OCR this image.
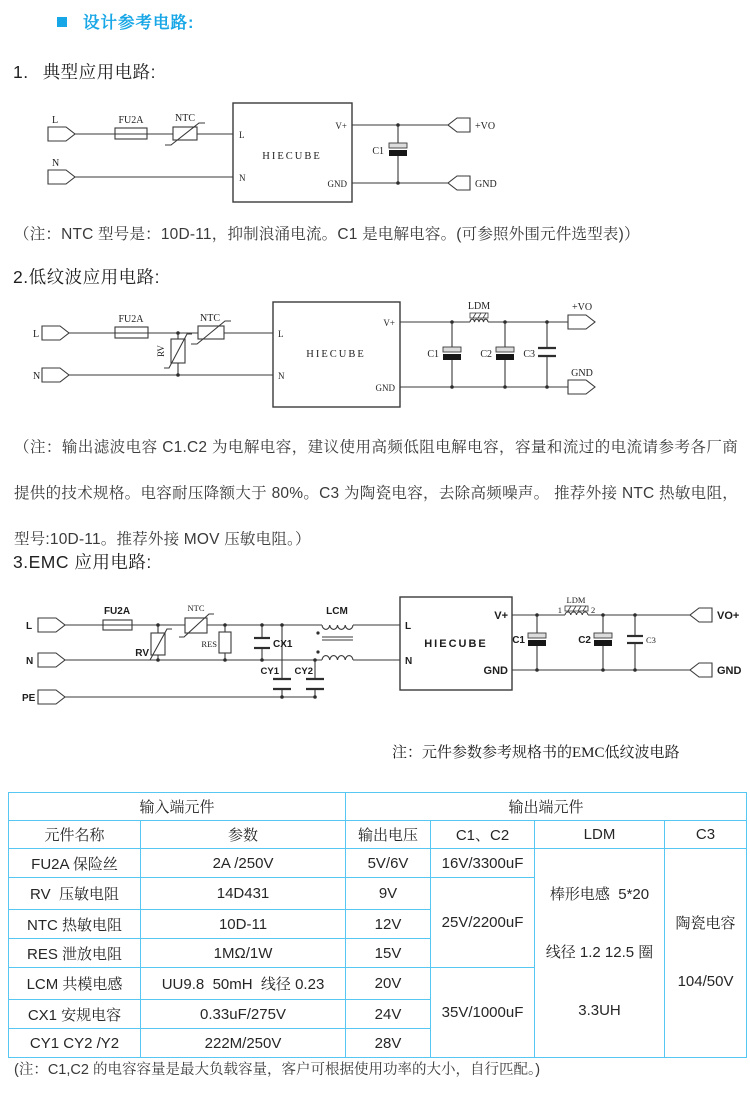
设计参考电路:
1. 典型应用电路:
L
N
FU2A	NTC
HIECUBE
L
N
V+
GND
C1
+VO
GND
（注：NTC 型号是：10D-11，抑制浪涌电流。C1 是电解电容。(可参照外围元件选型表)）
2.低纹波应用电路:
L
N
FU2A	NTC
RV	HIECUBE
L
N
V+
GND
LDM
C1	C2	C3
+VO
GND
（注：输出滤波电容 C1.C2 为电解电容，建议使用高频低阻电解电容，容量和流过的电流请参考各厂商提供的技术规格。电容耐压降额大于 80%。C3 为陶瓷电容，去除高频噪声。 推荐外接 NTC 热敏电阻，型号:10D-11。推荐外接 MOV 压敏电阻。）
3.EMC 应用电路:
L
N
PE
FU2A
RV
NTC
RES	CX1
CY1 CY2
LCM
HIECUBE
L
N
V+
GND
LDM
1	2
C1	C2	C3
VO+
GND
注：元件参数参考规格书的EMC低纹波电路
输入端元件		输出端元件			
元件名称	参数	输出电压	C1、C2	LDM	C3
FU2A 保险丝	2A /250V	5V/6V	16V/3300uF	

棒形电感  5*20

线径 1.2 12.5 圈

3.3UH

陶瓷电容

104/50V

RV  压敏电阻	14D431	9V	25V/2200uF		
NTC 热敏电阻	10D-11	12V			
RES 泄放电阻	1MΩ/1W	15V			
LCM 共模电感	UU9.8  50mH  线径 0.23	20V	35V/1000uF		
CX1 安规电容	0.33uF/275V	24V			
CY1 CY2 /Y2	222M/250V	28V			
(注：C1,C2 的电容容量是最大负载容量，客户可根据使用功率的大小，自行匹配。)
